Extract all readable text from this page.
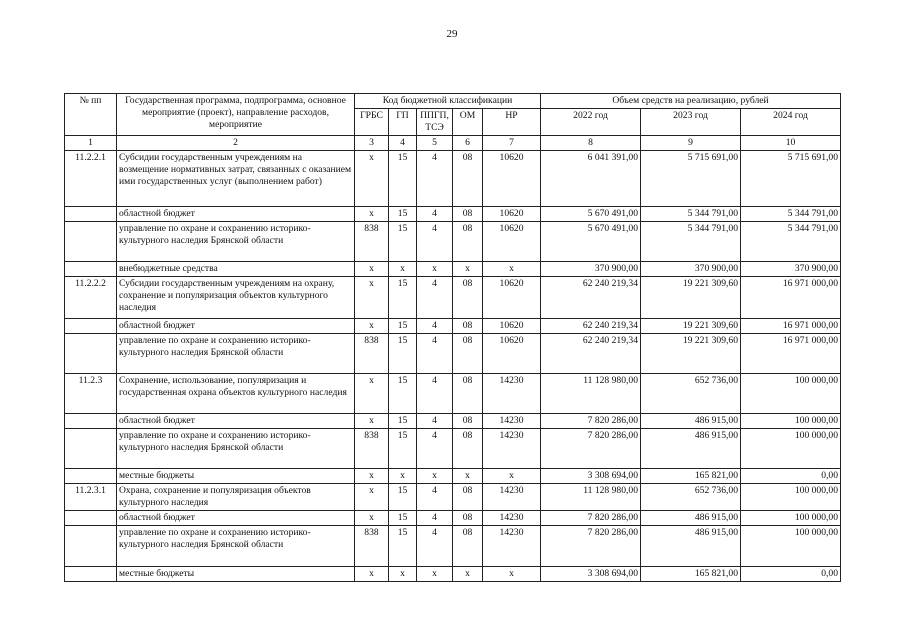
29
№ пп	Государственная программа, подпрограмма, основное мероприятие (проект), направление расходов, мероприятие	Код бюджетной классификации					Объем средств на реализацию, рублей		
		ГРБС	ГП	ППГП, ТСЭ	ОМ	НР	2022 год	2023 год	2024 год
1	2	3	4	5	6	7	8	9	10
11.2.2.1	Субсидии государственным учреждениям на возмещение нормативных затрат, связанных с оказанием ими государственных услуг (выполнением работ)	х	15	4	08	10620	6 041 391,00	5 715 691,00	5 715 691,00
	областной бюджет	х	15	4	08	10620	5 670 491,00	5 344 791,00	5 344 791,00
	управление по охране и сохранению историко-культурного наследия Брянской области	838	15	4	08	10620	5 670 491,00	5 344 791,00	5 344 791,00
	внебюджетные средства	х	х	х	х	х	370 900,00	370 900,00	370 900,00
11.2.2.2	Субсидии государственным учреждениям на охрану, сохранение и популяризация объектов культурного наследия	х	15	4	08	10620	62 240 219,34	19 221 309,60	16 971 000,00
	областной бюджет	х	15	4	08	10620	62 240 219,34	19 221 309,60	16 971 000,00
	управление по охране и сохранению историко-культурного наследия Брянской области	838	15	4	08	10620	62 240 219,34	19 221 309,60	16 971 000,00
11.2.3	Сохранение, использование, популяризация и государственная охрана объектов культурного наследия	х	15	4	08	14230	11 128 980,00	652 736,00	100 000,00
	областной бюджет	х	15	4	08	14230	7 820 286,00	486 915,00	100 000,00
	управление по охране и сохранению историко-культурного наследия Брянской области	838	15	4	08	14230	7 820 286,00	486 915,00	100 000,00
	местные бюджеты	х	х	х	х	х	3 308 694,00	165 821,00	0,00
11.2.3.1	Охрана, сохранение и популяризация объектов культурного наследия	х	15	4	08	14230	11 128 980,00	652 736,00	100 000,00
	областной бюджет	х	15	4	08	14230	7 820 286,00	486 915,00	100 000,00
	управление по охране и сохранению историко-культурного наследия Брянской области	838	15	4	08	14230	7 820 286,00	486 915,00	100 000,00
	местные бюджеты	х	х	х	х	х	3 308 694,00	165 821,00	0,00
